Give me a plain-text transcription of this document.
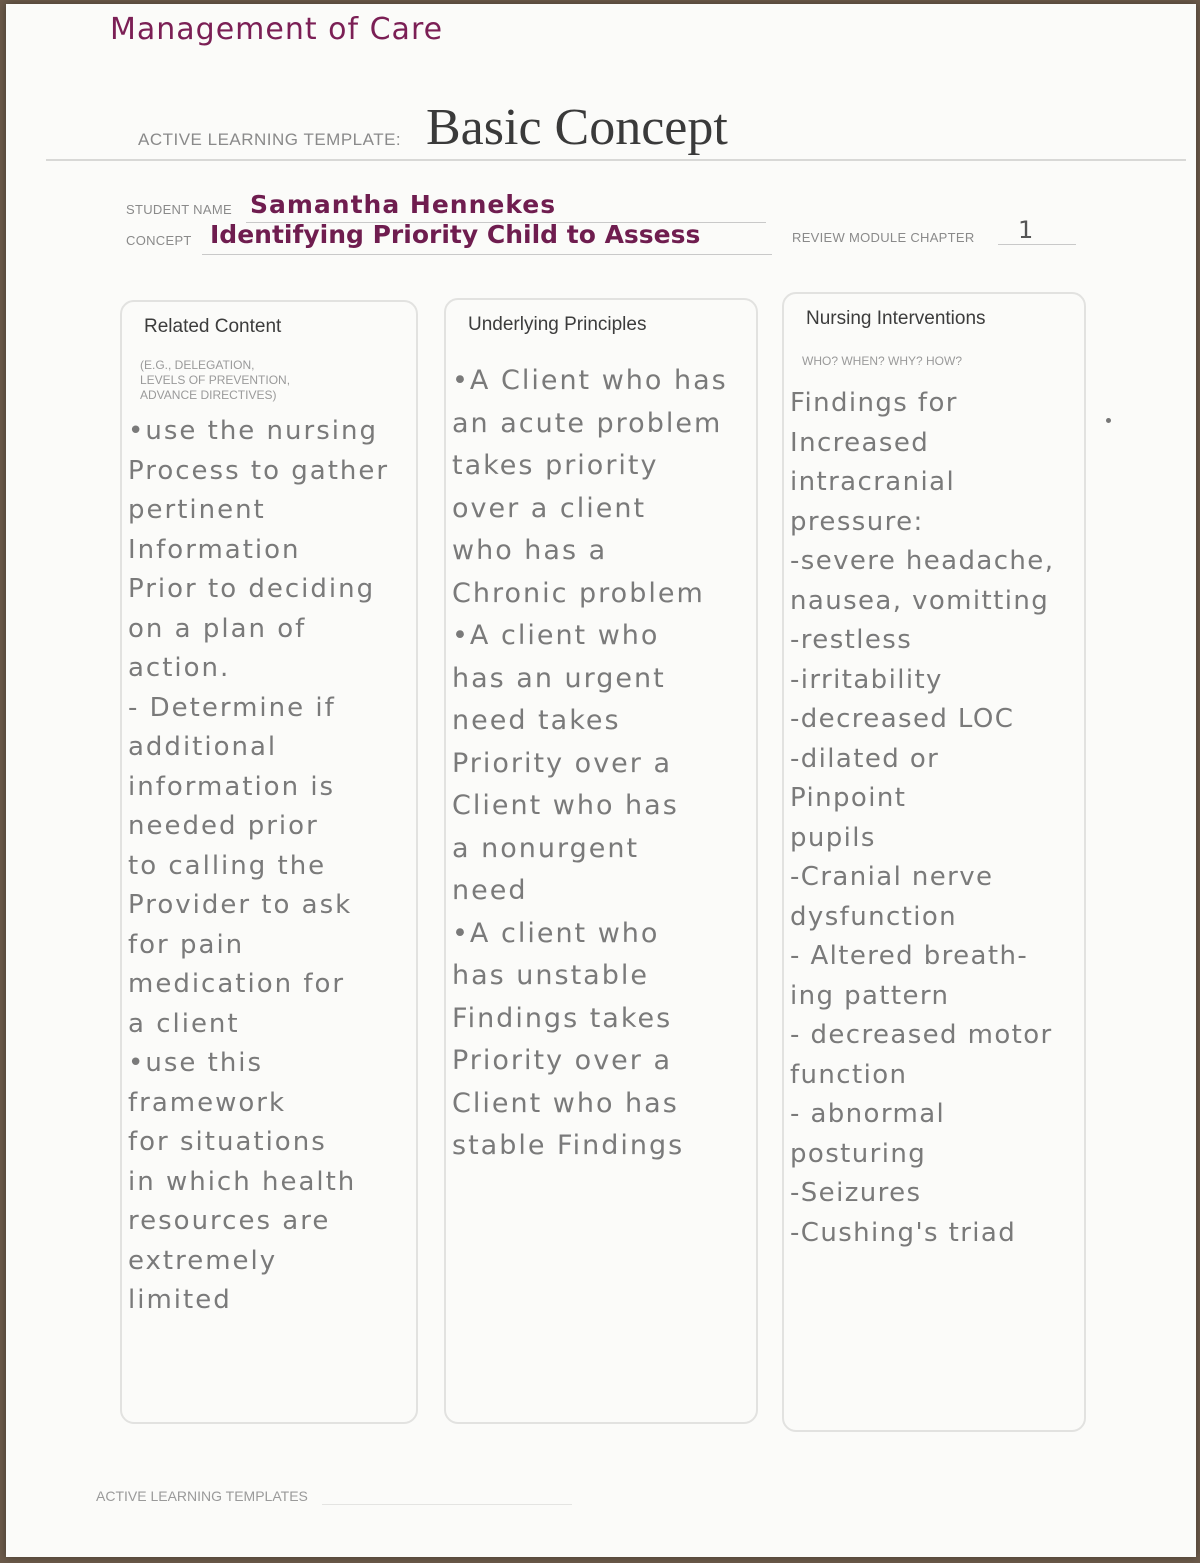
Management of Care
ACTIVE LEARNING TEMPLATE: Basic Concept
STUDENT NAME Samantha Hennekes
CONCEPT Identifying Priority Child to Assess	REVIEW MODULE CHAPTER 1
Related Content
(E.G., DELEGATION,
LEVELS OF PREVENTION,
ADVANCE DIRECTIVES)
•use the nursing
Process to gather
pertinent
Information
Prior to deciding
on a plan of
action.
- Determine if
additional
information is
needed prior
to calling the
Provider to ask
for pain
medication for
a client
•use this framework
for situations
in which health
resources are
extremely
limited
Underlying Principles
•A Client who has
an acute problem
takes priority
over a client
who has a
Chronic problem
•A client who
has an urgent
need takes
Priority over a
Client who has
a nonurgent
need
•A client who
has unstable
Findings takes
Priority over a
Client who has
stable Findings
Nursing Interventions
WHO? WHEN? WHY? HOW?
Findings for
Increased
intracranial
pressure:
-severe headache,
nausea, vomitting
-restless
-irritability
-decreased LOC
-dilated or
Pinpoint
pupils
-Cranial nerve
dysfunction
- Altered breath-
ing pattern
- decreased motor
function
- abnormal
posturing
-Seizures
-Cushing's triad
ACTIVE LEARNING TEMPLATES
